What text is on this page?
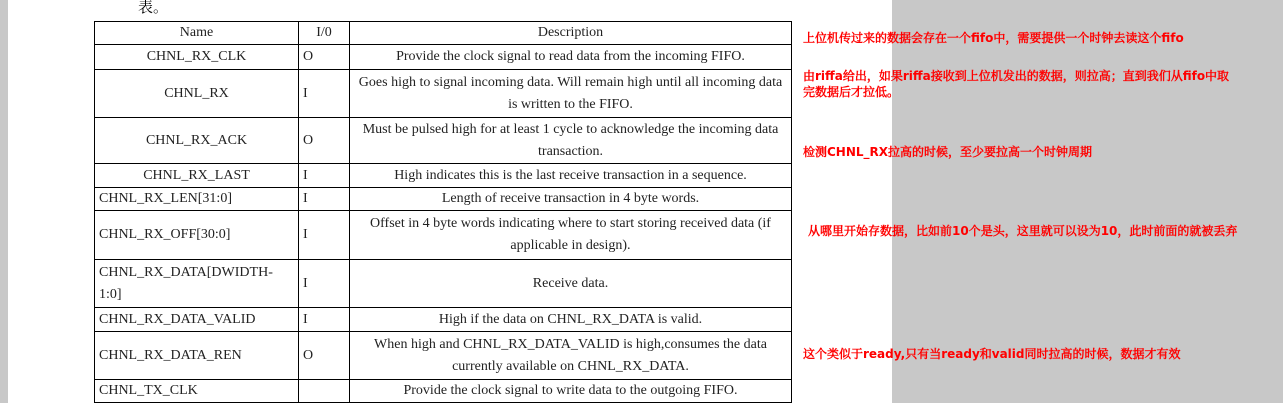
表。
Name	I/0	Description
CHNL_RX_CLK	O	Provide the clock signal to read data from the incoming FIFO.
CHNL_RX	I	Goes high to signal incoming data. Will remain high until all incoming data is written to the FIFO.
CHNL_RX_ACK	O	Must be pulsed high for at least 1 cycle to acknowledge the incoming data transaction.
CHNL_RX_LAST	I	High indicates this is the last receive transaction in a sequence.
CHNL_RX_LEN[31:0]	I	Length of receive transaction in 4 byte words.
CHNL_RX_OFF[30:0]	I	Offset in 4 byte words indicating where to start storing received data (if applicable in design).
CHNL_RX_DATA[DWIDTH-1:0]	I	Receive data.
CHNL_RX_DATA_VALID	I	High if the data on CHNL_RX_DATA is valid.
CHNL_RX_DATA_REN	O	When high and CHNL_RX_DATA_VALID is high,consumes the data currently available on CHNL_RX_DATA.
CHNL_TX_CLK		Provide the clock signal to write data to the outgoing FIFO.
上位机传过来的数据会存在一个fifo中，需要提供一个时钟去读这个fifo
由riffa给出，如果riffa接收到上位机发出的数据，则拉高；直到我们从fifo中取
完数据后才拉低。
检测CHNL_RX拉高的时候，至少要拉高一个时钟周期
从哪里开始存数据，比如前10个是头，这里就可以设为10，此时前面的就被丢弃
这个类似于ready,只有当ready和valid同时拉高的时候，数据才有效
